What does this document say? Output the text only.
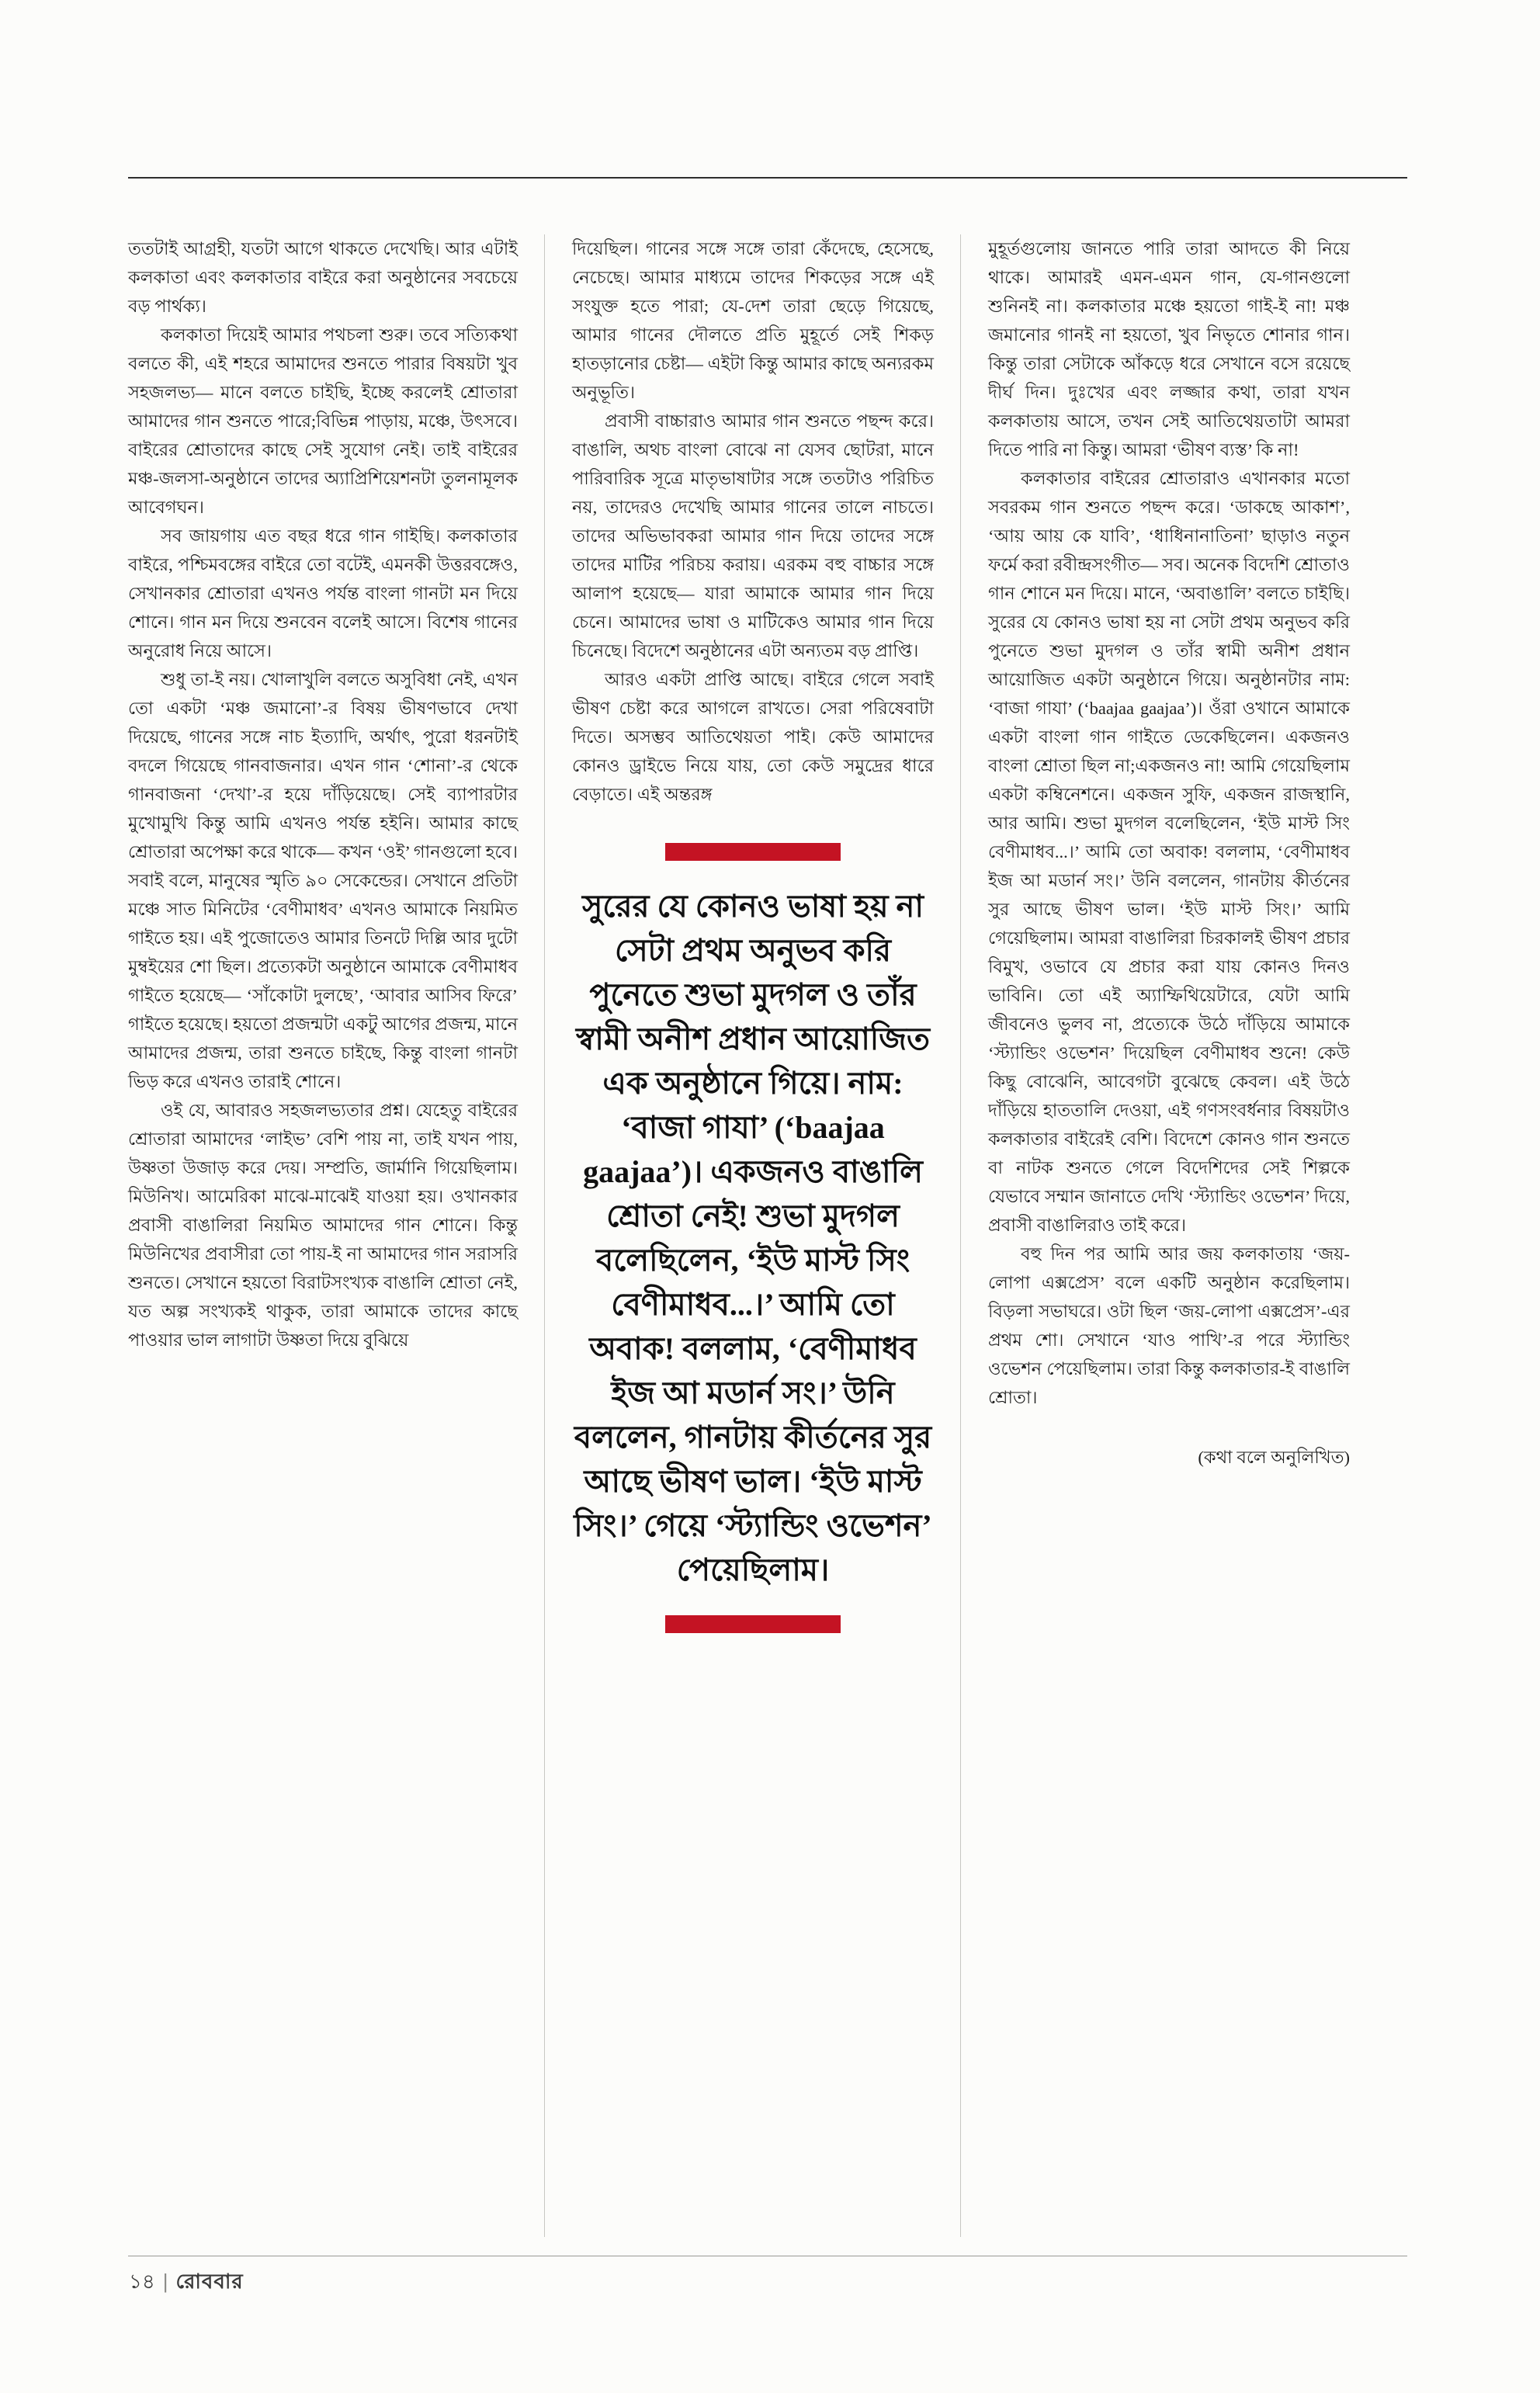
ততটাই আগ্রহী, যতটা আগে থাকতে দেখেছি। আর এটাই কলকাতা এবং কলকাতার বাইরে করা অনুষ্ঠানের সবচেয়ে বড় পার্থক্য।

কলকাতা দিয়েই আমার পথচলা শুরু। তবে সত্যিকথা বলতে কী, এই শহরে আমাদের শুনতে পারার বিষয়টা খুব সহজলভ্য— মানে বলতে চাইছি, ইচ্ছে করলেই শ্রোতারা আমাদের গান শুনতে পারে;বিভিন্ন পাড়ায়, মঞ্চে, উৎসবে। বাইরের শ্রোতাদের কাছে সেই সুযোগ নেই। তাই বাইরের মঞ্চ-জলসা-অনুষ্ঠানে তাদের অ্যাপ্রিশিয়েশনটা তুলনামূলক আবেগঘন।

সব জায়গায় এত বছর ধরে গান গাইছি। কলকাতার বাইরে, পশ্চিমবঙ্গের বাইরে তো বটেই, এমনকী উত্তরবঙ্গেও, সেখানকার শ্রোতারা এখনও পর্যন্ত বাংলা গানটা মন দিয়ে শোনে। গান মন দিয়ে শুনবেন বলেই আসে। বিশেষ গানের অনুরোধ নিয়ে আসে।

শুধু তা-ই নয়। খোলাখুলি বলতে অসুবিধা নেই, এখন তো একটা ‘মঞ্চ জমানো’-র বিষয় ভীষণভাবে দেখা দিয়েছে, গানের সঙ্গে নাচ ইত্যাদি, অর্থাৎ, পুরো ধরনটাই বদলে গিয়েছে গানবাজনার। এখন গান ‘শোনা’-র থেকে গানবাজনা ‘দেখা’-র হয়ে দাঁড়িয়েছে। সেই ব্যাপারটার মুখোমুখি কিন্তু আমি এখনও পর্যন্ত হইনি। আমার কাছে শ্রোতারা অপেক্ষা করে থাকে— কখন ‘ওই’ গানগুলো হবে। সবাই বলে, মানুষের স্মৃতি ৯০ সেকেন্ডের। সেখানে প্রতিটা মঞ্চে সাত মিনিটের ‘বেণীমাধব’ এখনও আমাকে নিয়মিত গাইতে হয়। এই পুজোতেও আমার তিনটে দিল্লি আর দুটো মুম্বইয়ের শো ছিল। প্রত্যেকটা অনুষ্ঠানে আমাকে বেণীমাধব গাইতে হয়েছে— ‘সাঁকোটা দুলছে’, ‘আবার আসিব ফিরে’ গাইতে হয়েছে। হয়তো প্রজন্মটা একটু আগের প্রজন্ম, মানে আমাদের প্রজন্ম, তারা শুনতে চাইছে, কিন্তু বাংলা গানটা ভিড় করে এখনও তারাই শোনে।

ওই যে, আবারও সহজলভ্যতার প্রশ্ন। যেহেতু বাইরের শ্রোতারা আমাদের ‘লাইভ’ বেশি পায় না, তাই যখন পায়, উষ্ণতা উজাড় করে দেয়। সম্প্রতি, জার্মানি গিয়েছিলাম। মিউনিখ। আমেরিকা মাঝে-মাঝেই যাওয়া হয়। ওখানকার প্রবাসী বাঙালিরা নিয়মিত আমাদের গান শোনে। কিন্তু মিউনিখের প্রবাসীরা তো পায়-ই না আমাদের গান সরাসরি শুনতে। সেখানে হয়তো বিরাটসংখ্যক বাঙালি শ্রোতা নেই, যত অল্প সংখ্যকই থাকুক, তারা আমাকে তাদের কাছে পাওয়ার ভাল লাগাটা উষ্ণতা দিয়ে বুঝিয়ে

দিয়েছিল। গানের সঙ্গে সঙ্গে তারা কেঁদেছে, হেসেছে, নেচেছে। আমার মাধ্যমে তাদের শিকড়ের সঙ্গে এই সংযুক্ত হতে পারা; যে-দেশ তারা ছেড়ে গিয়েছে, আমার গানের দৌলতে প্রতি মুহূর্তে সেই শিকড় হাতড়ানোর চেষ্টা— এইটা কিন্তু আমার কাছে অন্যরকম অনুভূতি।

প্রবাসী বাচ্চারাও আমার গান শুনতে পছন্দ করে। বাঙালি, অথচ বাংলা বোঝে না যেসব ছোটরা, মানে পারিবারিক সূত্রে মাতৃভাষাটার সঙ্গে ততটাও পরিচিত নয়, তাদেরও দেখেছি আমার গানের তালে নাচতে। তাদের অভিভাবকরা আমার গান দিয়ে তাদের সঙ্গে তাদের মাটির পরিচয় করায়। এরকম বহু বাচ্চার সঙ্গে আলাপ হয়েছে— যারা আমাকে আমার গান দিয়ে চেনে। আমাদের ভাষা ও মাটিকেও আমার গান দিয়ে চিনেছে। বিদেশে অনুষ্ঠানের এটা অন্যতম বড় প্রাপ্তি।

আরও একটা প্রাপ্তি আছে। বাইরে গেলে সবাই ভীষণ চেষ্টা করে আগলে রাখতে। সেরা পরিষেবাটা দিতে। অসম্ভব আতিথেয়তা পাই। কেউ আমাদের কোনও ড্রাইভে নিয়ে যায়, তো কেউ সমুদ্রের ধারে বেড়াতে। এই অন্তরঙ্গ

সুরের যে কোনও ভাষা হয় না সেটা প্রথম অনুভব করি পুনেতে শুভা মুদগল ও তাঁর স্বামী অনীশ প্রধান আয়োজিত এক অনুষ্ঠানে গিয়ে। নাম: ‘বাজা গাযা’ (‘baajaa gaajaa’)। একজনও বাঙালি শ্রোতা নেই! শুভা মুদগল বলেছিলেন, ‘ইউ মাস্ট সিং বেণীমাধব...।’ আমি তো অবাক! বললাম, ‘বেণীমাধব ইজ আ মডার্ন সং।’ উনি বললেন, গানটায় কীর্তনের সুর আছে ভীষণ ভাল। ‘ইউ মাস্ট সিং।’ গেয়ে ‘স্ট্যান্ডিং ওভেশন’ পেয়েছিলাম।

মুহূর্তগুলোয় জানতে পারি তারা আদতে কী নিয়ে থাকে। আমারই এমন-এমন গান, যে-গানগুলো শুনিনই না। কলকাতার মঞ্চে হয়তো গাই-ই না! মঞ্চ জমানোর গানই না হয়তো, খুব নিভৃতে শোনার গান। কিন্তু তারা সেটাকে আঁকড়ে ধরে সেখানে বসে রয়েছে দীর্ঘ দিন। দুঃখের এবং লজ্জার কথা, তারা যখন কলকাতায় আসে, তখন সেই আতিথেয়তাটা আমরা দিতে পারি না কিন্তু। আমরা ‘ভীষণ ব্যস্ত’ কি না!

কলকাতার বাইরের শ্রোতারাও এখানকার মতো সবরকম গান শুনতে পছন্দ করে। ‘ডাকছে আকাশ’, ‘আয় আয় কে যাবি’, ‘ধাধিনানাতিনা’ ছাড়াও নতুন ফর্মে করা রবীন্দ্রসংগীত— সব। অনেক বিদেশি শ্রোতাও গান শোনে মন দিয়ে। মানে, ‘অবাঙালি’ বলতে চাইছি। সুরের যে কোনও ভাষা হয় না সেটা প্রথম অনুভব করি পুনেতে শুভা মুদগল ও তাঁর স্বামী অনীশ প্রধান আয়োজিত একটা অনুষ্ঠানে গিয়ে। অনুষ্ঠানটার নাম: ‘বাজা গাযা’ (‘baajaa gaajaa’)। ওঁরা ওখানে আমাকে একটা বাংলা গান গাইতে ডেকেছিলেন। একজনও বাংলা শ্রোতা ছিল না;একজনও না! আমি গেয়েছিলাম একটা কম্বিনেশনে। একজন সুফি, একজন রাজস্থানি, আর আমি। শুভা মুদগল বলেছিলেন, ‘ইউ মাস্ট সিং বেণীমাধব...।’ আমি তো অবাক! বললাম, ‘বেণীমাধব ইজ আ মডার্ন সং।’ উনি বললেন, গানটায় কীর্তনের সুর আছে ভীষণ ভাল। ‘ইউ মাস্ট সিং।’ আমি গেয়েছিলাম। আমরা বাঙালিরা চিরকালই ভীষণ প্রচার বিমুখ, ওভাবে যে প্রচার করা যায় কোনও দিনও ভাবিনি। তো এই অ্যাম্ফিথিয়েটারে, যেটা আমি জীবনেও ভুলব না, প্রত্যেকে উঠে দাঁড়িয়ে আমাকে ‘স্ট্যান্ডিং ওভেশন’ দিয়েছিল বেণীমাধব শুনে! কেউ কিছু বোঝেনি, আবেগটা বুঝেছে কেবল। এই উঠে দাঁড়িয়ে হাততালি দেওয়া, এই গণসংবর্ধনার বিষয়টাও কলকাতার বাইরেই বেশি। বিদেশে কোনও গান শুনতে বা নাটক শুনতে গেলে বিদেশিদের সেই শিল্পকে যেভাবে সম্মান জানাতে দেখি ‘স্ট্যান্ডিং ওভেশন’ দিয়ে, প্রবাসী বাঙালিরাও তাই করে।

বহু দিন পর আমি আর জয় কলকাতায় ‘জয়-লোপা এক্সপ্রেস’ বলে একটি অনুষ্ঠান করেছিলাম। বিড়লা সভাঘরে। ওটা ছিল ‘জয়-লোপা এক্সপ্রেস’-এর প্রথম শো। সেখানে ‘যাও পাখি’-র পরে স্ট্যান্ডিং ওভেশন পেয়েছিলাম। তারা কিন্তু কলকাতার-ই বাঙালি শ্রোতা।

(কথা বলে অনুলিখিত)

১৪ | রোববার
